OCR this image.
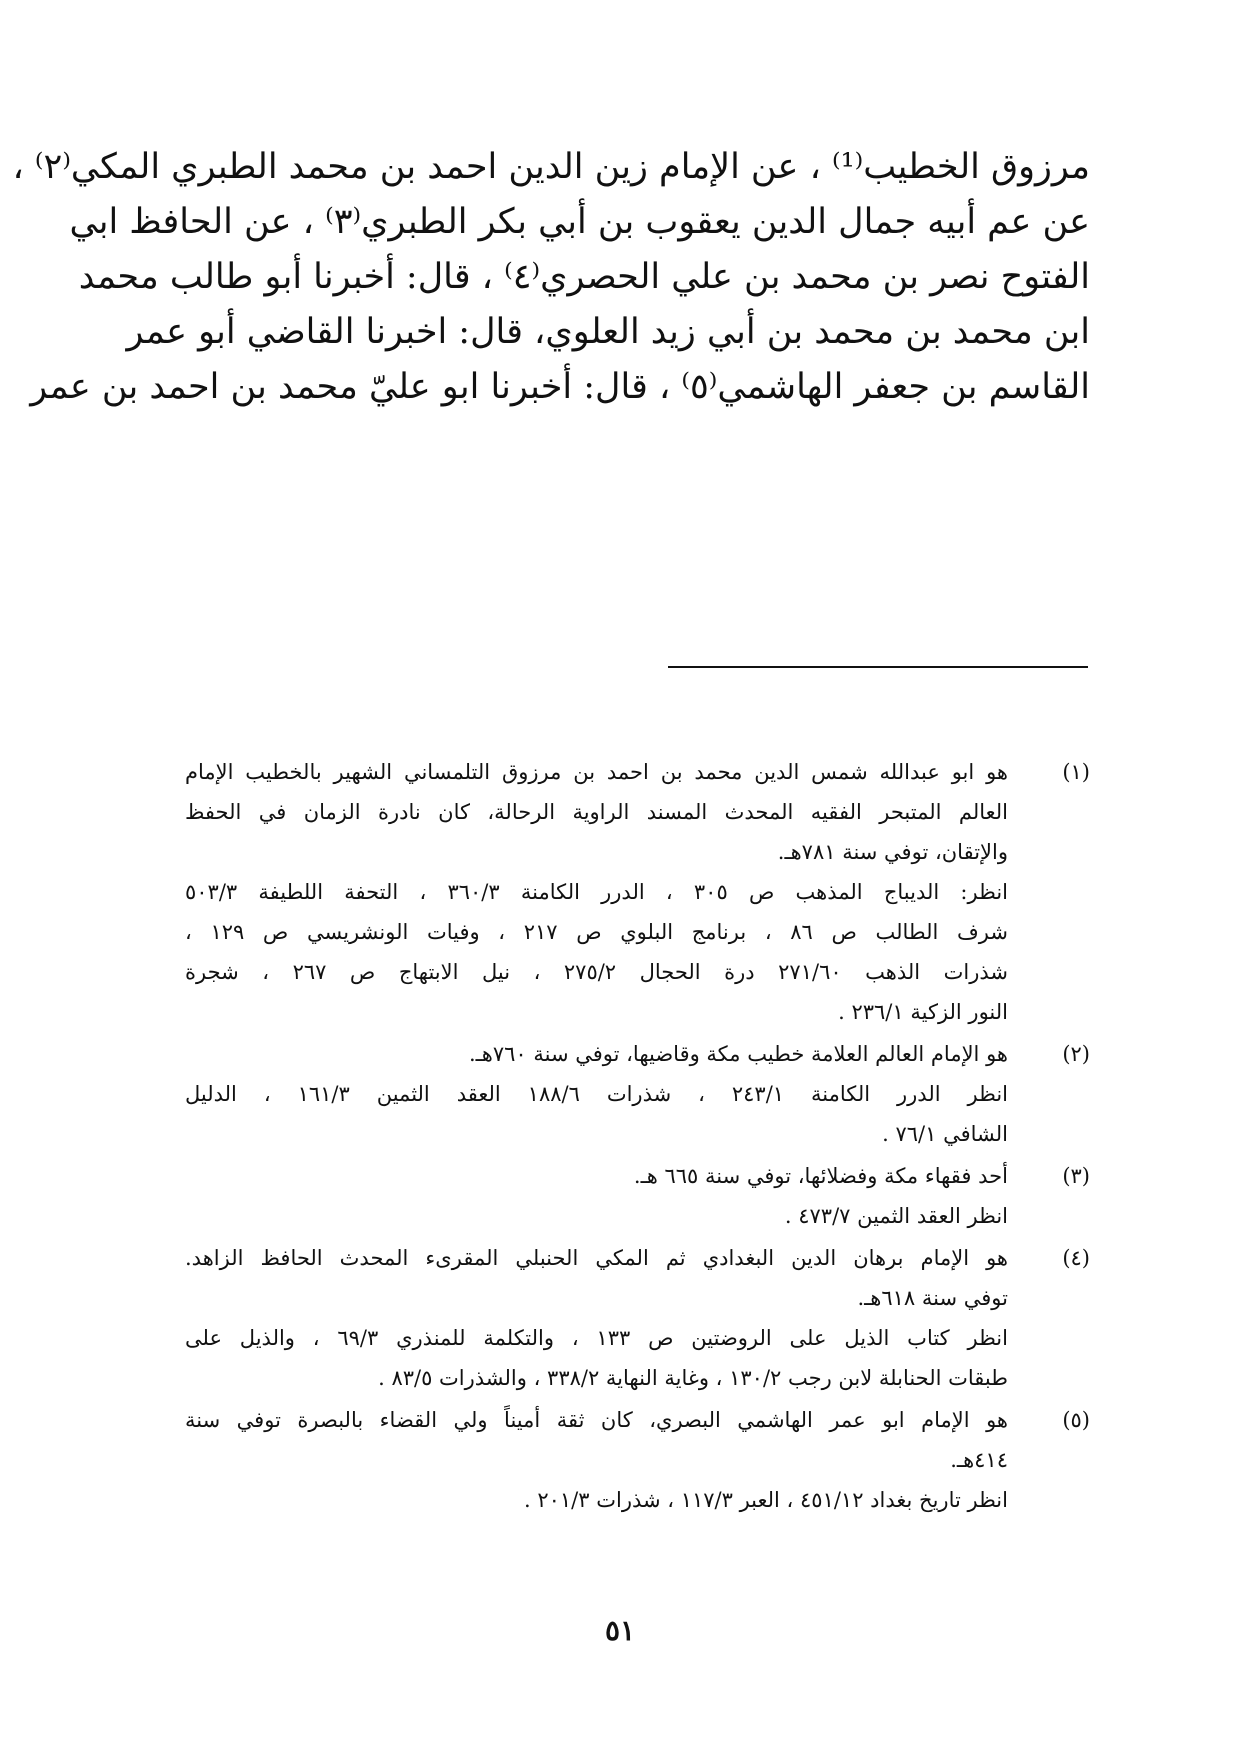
مرزوق الخطيب⁽¹⁾ ، عن الإمام زين الدين احمد بن محمد الطبري المكي⁽٢⁾ ،
عن عم أبيه جمال الدين يعقوب بن أبي بكر الطبري⁽٣⁾ ، عن الحافظ ابي
الفتوح نصر بن محمد بن علي الحصري⁽٤⁾ ، قال: أخبرنا أبو طالب محمد
ابن محمد بن محمد بن أبي زيد العلوي، قال: اخبرنا القاضي أبو عمر
القاسم بن جعفر الهاشمي⁽٥⁾ ، قال: أخبرنا ابو عليّ محمد بن احمد بن عمر
(١)
هو ابو عبدالله شمس الدين محمد بن احمد بن مرزوق التلمساني الشهير بالخطيب الإمام
العالم المتبحر الفقيه المحدث المسند الراوية الرحالة، كان نادرة الزمان في الحفظ
والإتقان، توفي سنة ٧٨١هـ.
انظر: الديباج المذهب ص ٣٠٥ ، الدرر الكامنة ٣٦٠/٣ ، التحفة اللطيفة ٥٠٣/٣
شرف الطالب ص ٨٦ ، برنامج البلوي ص ٢١٧ ، وفيات الونشريسي ص ١٢٩ ،
شذرات الذهب ٢٧١/٦٠ درة الحجال ٢٧٥/٢ ، نيل الابتهاج ص ٢٦٧ ، شجرة
النور الزكية ٢٣٦/١ .
(٢)
هو الإمام العالم العلامة خطيب مكة وقاضيها، توفي سنة ٧٦٠هـ.
انظر الدرر الكامنة ٢٤٣/١ ، شذرات ١٨٨/٦ العقد الثمين ١٦١/٣ ، الدليل
الشافي ٧٦/١ .
(٣)
أحد فقهاء مكة وفضلائها، توفي سنة ٦٦٥ هـ.
انظر العقد الثمين ٤٧٣/٧ .
(٤)
هو الإمام برهان الدين البغدادي ثم المكي الحنبلي المقرىء المحدث الحافظ الزاهد.
توفي سنة ٦١٨هـ.
انظر كتاب الذيل على الروضتين ص ١٣٣ ، والتكلمة للمنذري ٦٩/٣ ، والذيل على
طبقات الحنابلة لابن رجب ١٣٠/٢ ، وغاية النهاية ٣٣٨/٢ ، والشذرات ٨٣/٥ .
(٥)
هو الإمام ابو عمر الهاشمي البصري، كان ثقة أميناً ولي القضاء بالبصرة توفي سنة
٤١٤هـ.
انظر تاريخ بغداد ٤٥١/١٢ ، العبر ١١٧/٣ ، شذرات ٢٠١/٣ .
٥١
